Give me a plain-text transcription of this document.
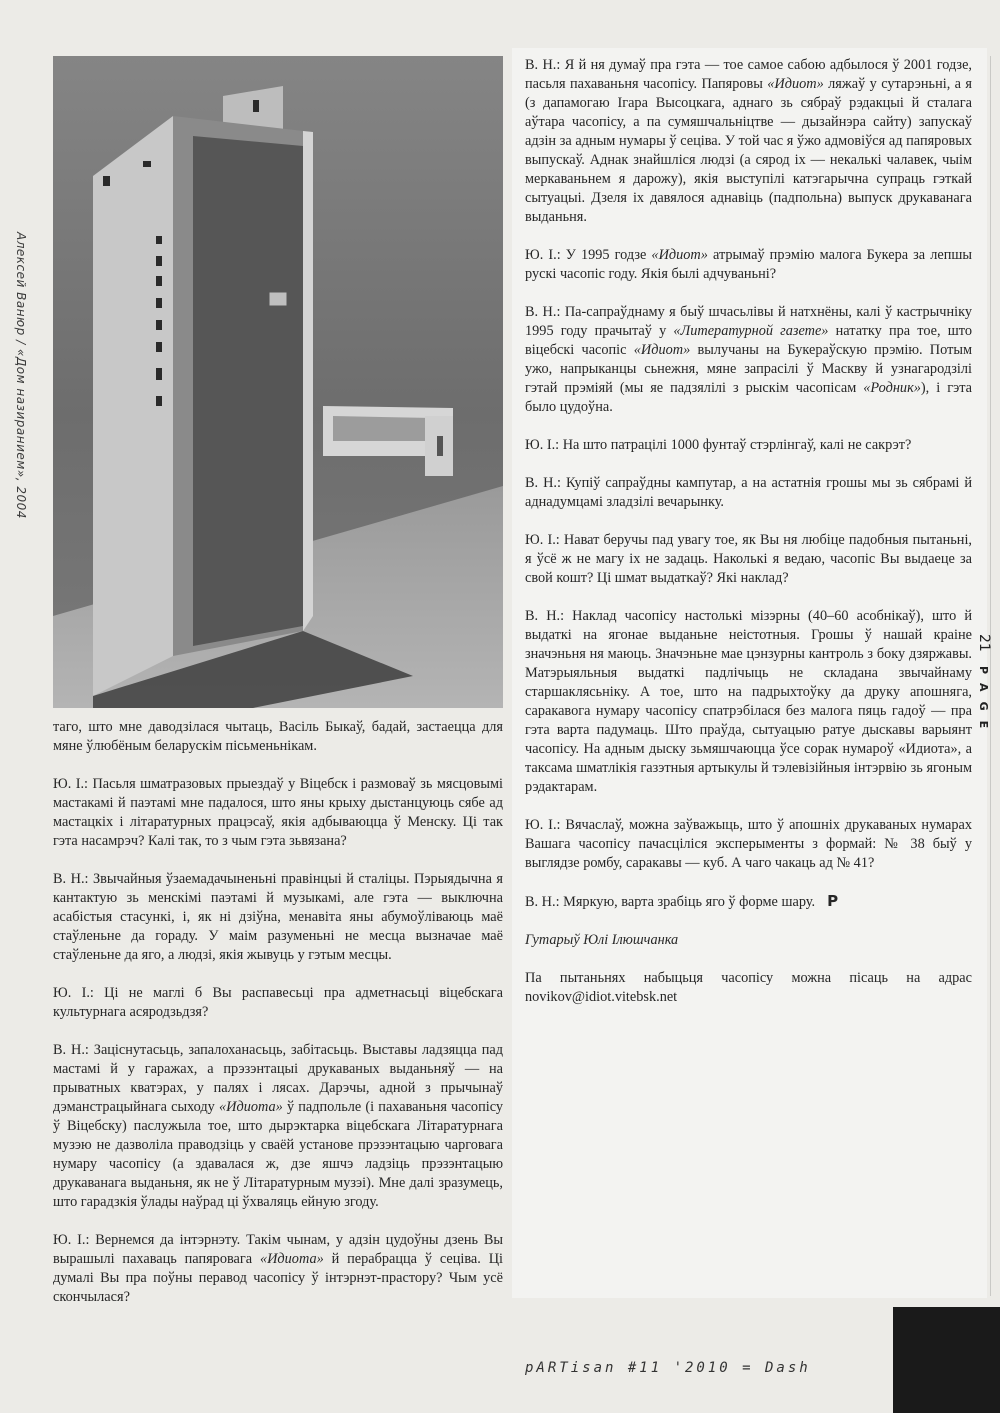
Алексей Ванюр / «Дом назиранием», 2004

таго, што мне даводзілася чытаць, Васіль Быкаў, бадай, застаецца для мяне ўлюбёным беларускім пісьменьнікам.

Ю. І.: Пасьля шматразовых прыездаў у Віцебск і размоваў зь мясцовымі мастакамі й паэтамі мне падалося, што яны крыху дыстанцуюць сябе ад мастацкіх і літаратурных працэсаў, якія адбываюцца ў Менску. Ці так гэта насамрэч? Калі так, то з чым гэта зьвязана?

В. Н.: Звычайныя ўзаемадачыненьні правінцыі й сталіцы. Пэрыядычна я кантактую зь менскімі паэтамі й музыкамі, але гэта — выключна асабістыя стасункі, і, як ні дзіўна, менавіта яны абумоўліваюць маё стаўленьне да гораду. У маім разуменьні не месца вызначае маё стаўленьне да яго, а людзі, якія жывуць у гэтым месцы.

Ю. І.: Ці не маглі б Вы распавесьці пра адметнасьці віцебскага культурнага асяродзьдзя?

В. Н.: Зацiснутасьць, запалоханасьць, забітасьць. Выставы ладзяцца пад мастамі й у гаражах, а прэзэнтацыі друкаваных выданьняў — на прыватных кватэрах, у палях і лясах. Дарэчы, адной з прычынаў дэманстрацыйнага сыходу «Идиота» ў падпольле (і пахаваньня часопісу ў Віцебску) паслужыла тое, што дырэктарка віцебскага Літаратурнага музэю не дазволіла праводзіць у сваёй установе прэзэнтацыю чарговага нумару часопісу (а здавалася ж, дзе яшчэ ладзіць прэзэнтацыю друкаванага выданьня, як не ў Літаратурным музэі). Мне далі зразумець, што гарадзкія ўлады наўрад ці ўхваляць ейную згоду.

Ю. І.: Вернемся да інтэрнэту. Такім чынам, у адзін цудоўны дзень Вы вырашылі пахаваць папяровага «Идиота» й перабрацца ў сеціва. Ці думалі Вы пра поўны перавод часопісу ў інтэрнэт-прастору? Чым усё скончылася?

В. Н.: Я й ня думаў пра гэта — тое самое сабою адбылося ў 2001 годзе, пасьля пахаваньня часопісу. Папяровы «Идиот» ляжаў у сутарэньні, а я (з дапамогаю Ігара Высоцкага, аднаго зь сябраў рэдакцыі й сталага аўтара часопісу, а па сумяшчальніцтве — дызайнэра сайту) запускаў адзін за адным нумары ў сеціва. У той час я ўжо адмовіўся ад папяровых выпускаў. Аднак знайшліся людзі (а сярод іх — некалькі чалавек, чыім меркаваньнем я дарожу), якія выступілі катэгарычна супраць гэткай сытуацыі. Дзеля іх давялося аднавіць (падпольна) выпуск друкаванага выданьня.

Ю. І.: У 1995 годзе «Идиот» атрымаў прэмію малога Букера за лепшы рускі часопіс году. Якія былі адчуваньні?

В. Н.: Па-сапраўднаму я быў шчасьлівы й натхнёны, калі ў кастрычніку 1995 году прачытаў у «Литературной газете» нататку пра тое, што віцебскі часопіс «Идиот» вылучаны на Букераўскую прэмію. Потым ужо, напрыканцы сьнежня, мяне запрасілі ў Маскву й узнагародзілі гэтай прэміяй (мы яе падзялілі з рыскім часопісам «Родник»), і гэта было цудоўна.

Ю. І.: На што патрацілі 1000 фунтаў стэрлінгаў, калі не сакрэт?

В. Н.: Купіў сапраўдны кампутар, а на астатнія грошы мы зь сябрамі й аднадумцамі зладзілі вечарынку.

Ю. І.: Нават беручы пад увагу тое, як Вы ня любіце падобныя пытаньні, я ўсё ж не магу іх не задаць. Наколькі я ведаю, часопіс Вы выдаеце за свой кошт? Ці шмат выдаткаў? Які наклад?

В. Н.: Наклад часопісу настолькі мізэрны (40–60 асобнікаў), што й выдаткі на ягонае выданьне нeістотныя. Грошы ў нашай краіне значэньня ня маюць. Значэньне мае цэнзурны кантроль з боку дзяржавы. Матэрыяльныя выдаткі падлічыць не складана звычайнаму старшаклясьніку. А тое, што на падрыхтоўку да друку апошняга, саракавога нумару часопісу спатрэбілася без малога пяць гадоў — пра гэта варта падумаць. Што праўда, сытуацыю ратуе дыскавы варыянт часопісу. На адным дыску зьмяшчаюцца ўсе сорак нумароў «Идиота», а таксама шматлікія газэтныя артыкулы й тэлевізійныя інтэрвію зь ягоным рэдактарам.

Ю. І.: Вячаслаў, можна заўважыць, што ў апошніх друкаваных нумарах Вашага часопісу пачаcціліся эксперыменты з формай: № 38 быў у выглядзе ромбу, саракавы — куб. А чаго чакаць ад № 41?

В. Н.: Мяркую, варта зрабіць яго ў форме шару. P

Гутарыў Юлі Ілюшчанка

Па пытаньнях набыцьця часопісу можна пісаць на адрас novikov@idiot.vitebsk.net

21
PAGE
pARTisan #11 '2010 = Dash
